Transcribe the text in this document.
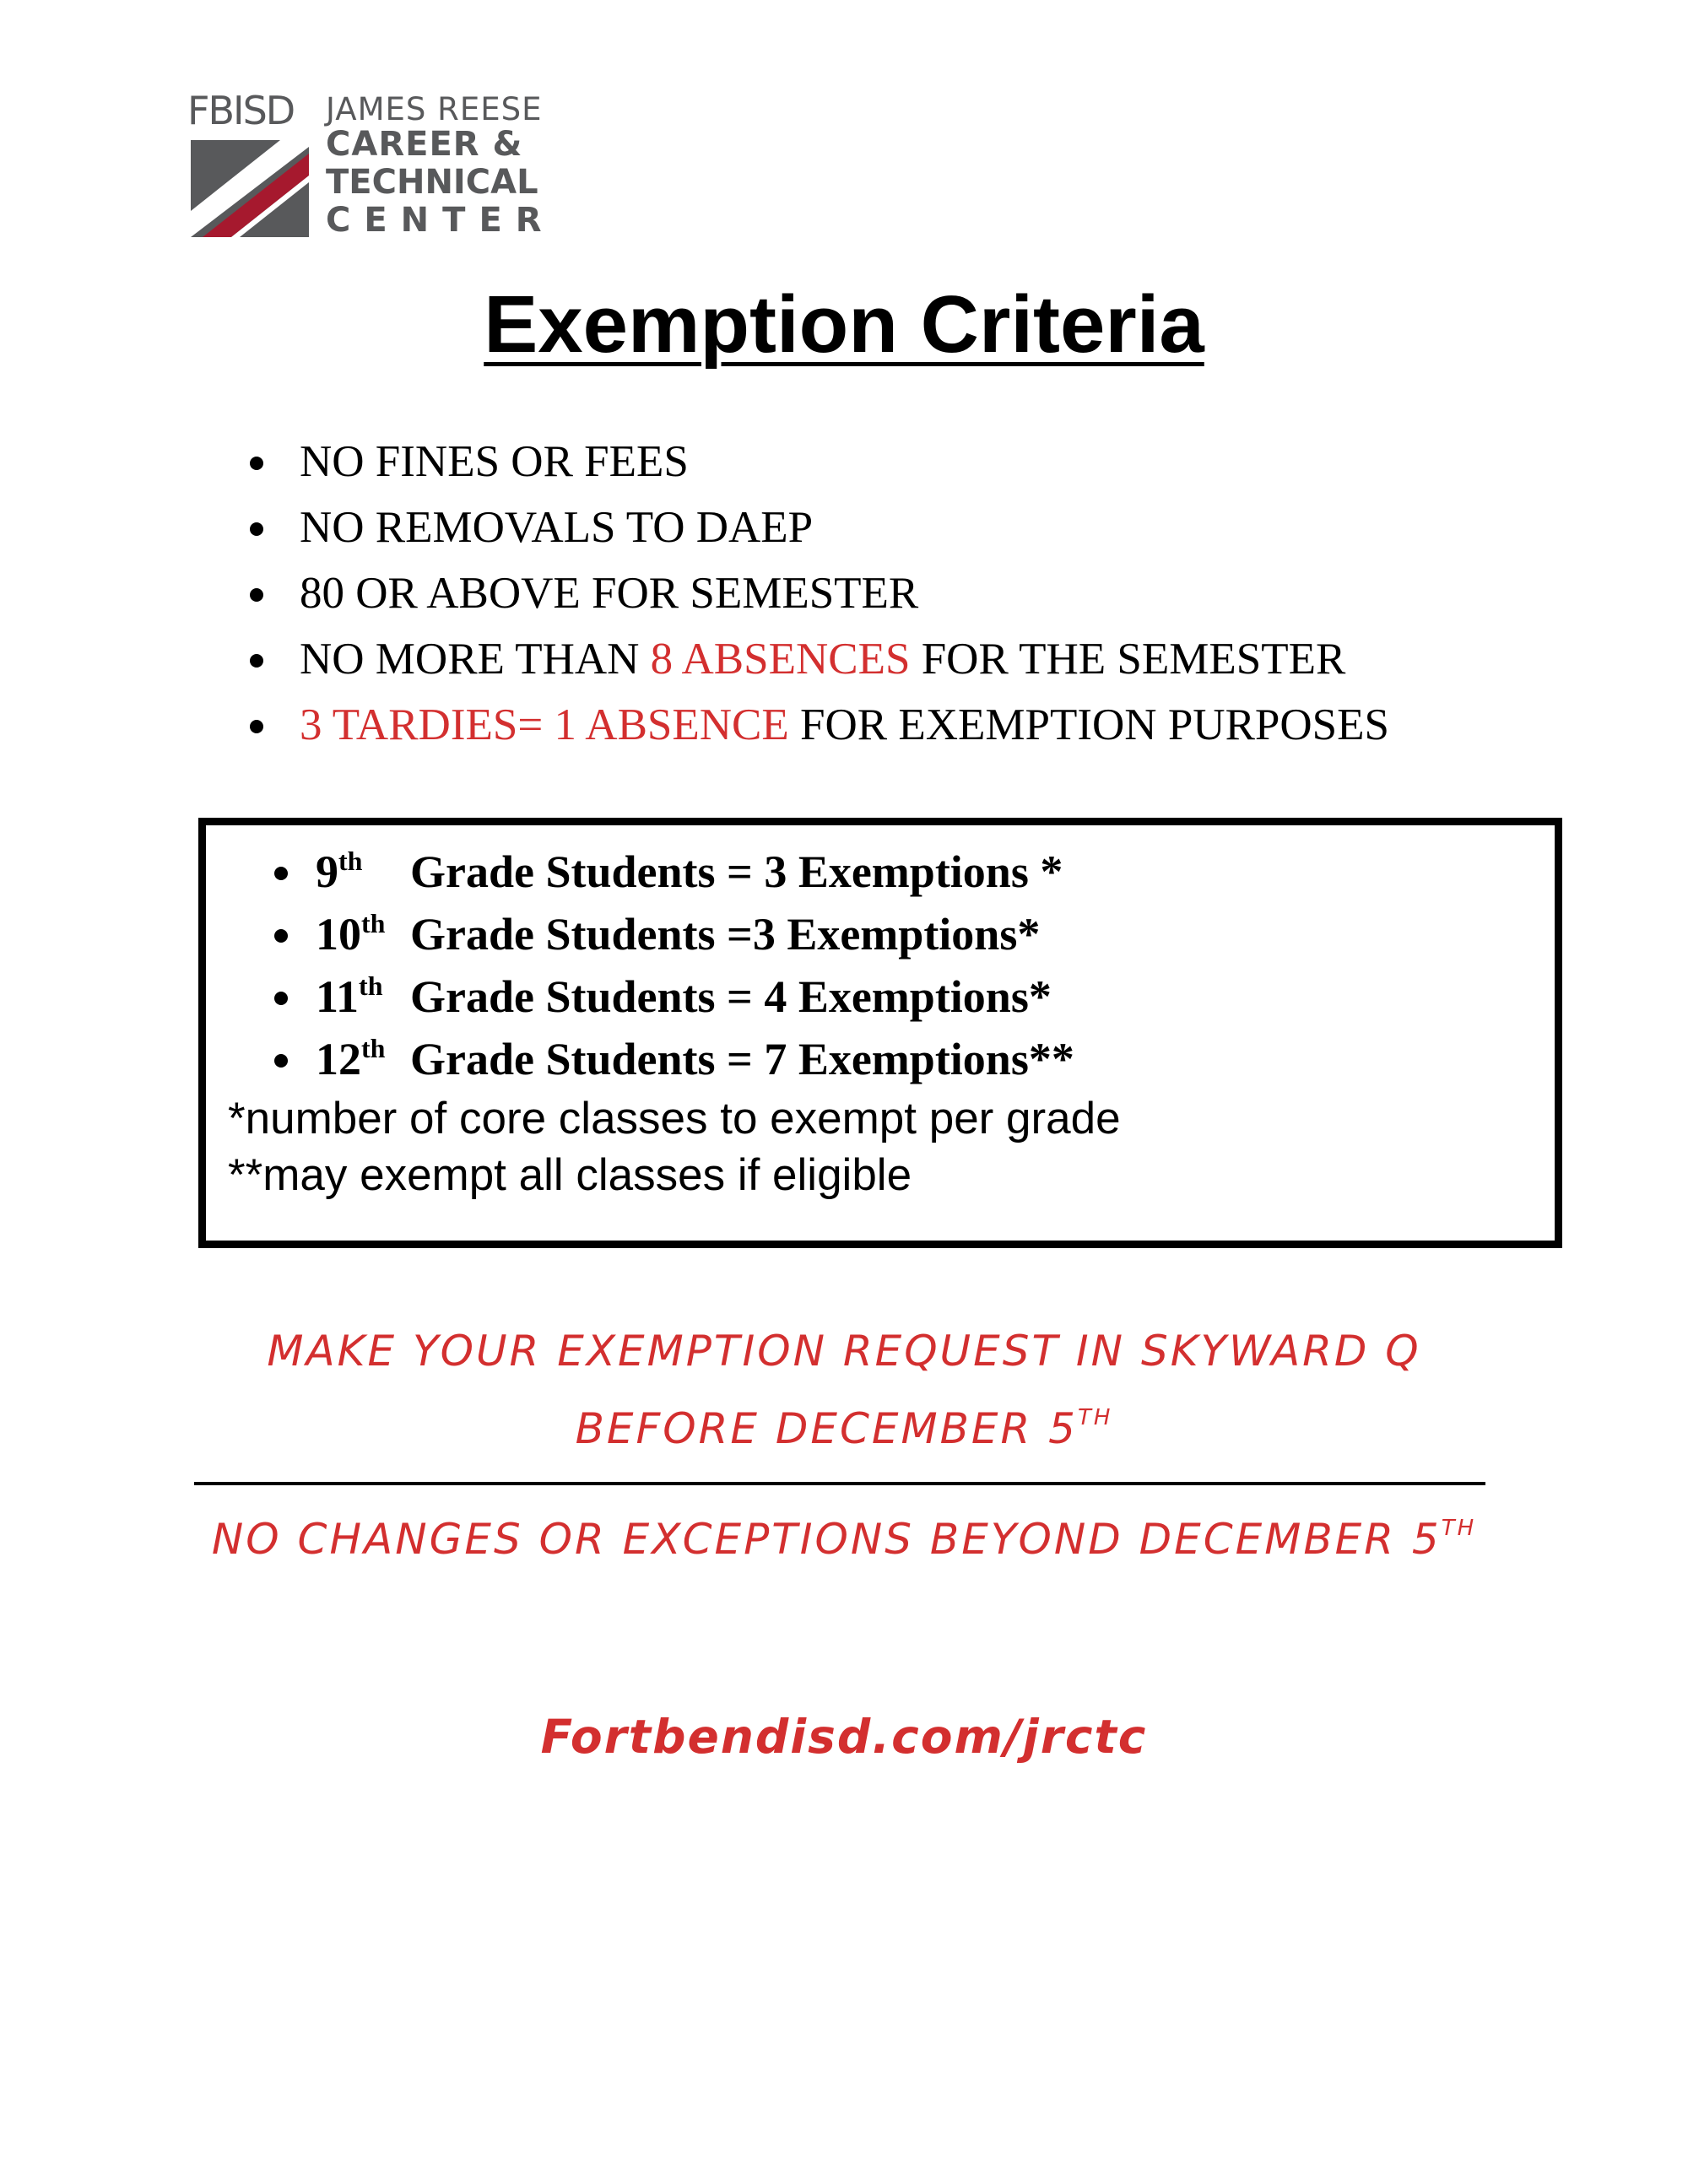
FBISD JAMES REESE
CAREER &
TECHNICAL
CENTER
Exemption Criteria
NO FINES OR FEES
NO REMOVALS TO DAEP
80 OR ABOVE FOR SEMESTER
NO MORE THAN 8 ABSENCES FOR THE SEMESTER
3 TARDIES= 1 ABSENCE FOR EXEMPTION PURPOSES
9th Grade Students = 3 Exemptions *
10th Grade Students =3 Exemptions*
11th Grade Students = 4 Exemptions*
12th Grade Students = 7 Exemptions**
*number of core classes to exempt per grade
**may exempt all classes if eligible
MAKE YOUR EXEMPTION REQUEST IN SKYWARD Q
BEFORE DECEMBER 5TH
NO CHANGES OR EXCEPTIONS BEYOND DECEMBER 5TH
Fortbendisd.com/jrctc
